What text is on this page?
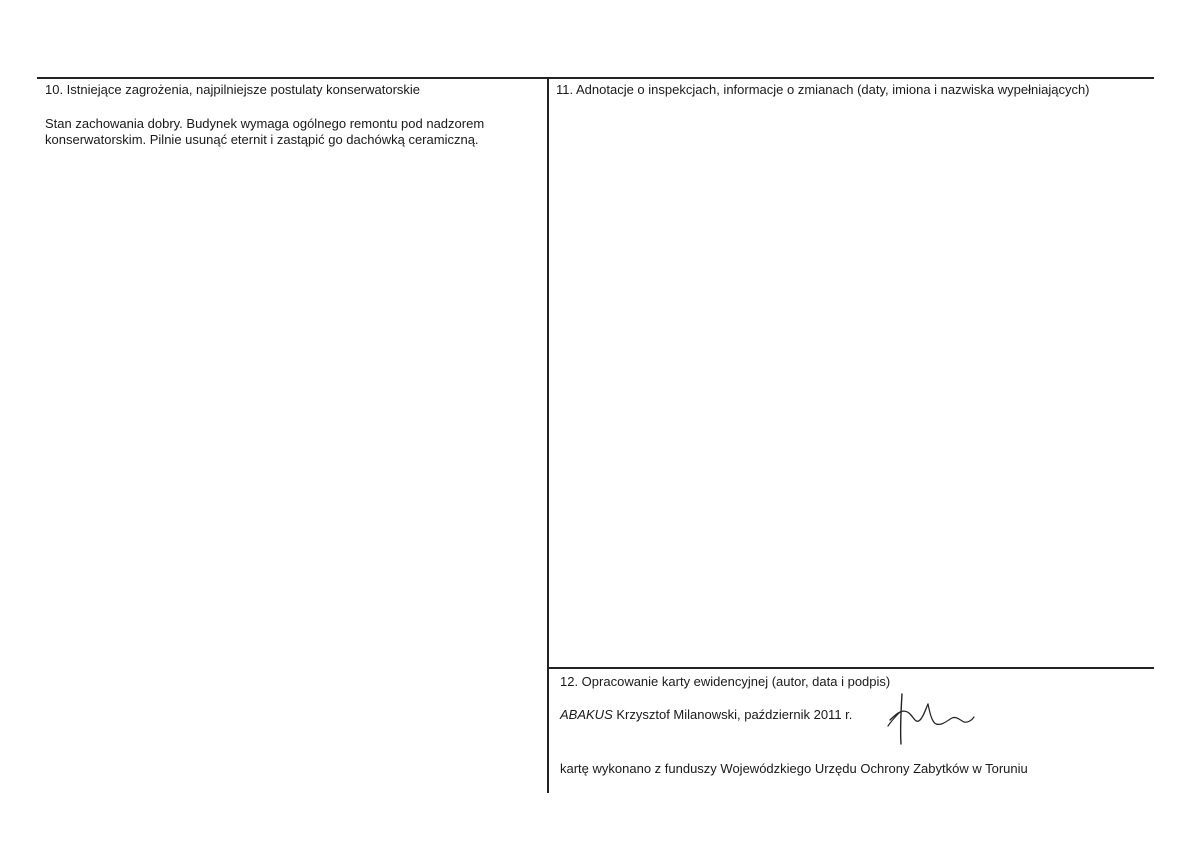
10. Istniejące zagrożenia, najpilniejsze postulaty konserwatorskie
Stan zachowania dobry. Budynek wymaga ogólnego remontu pod nadzorem
konserwatorskim. Pilnie usunąć eternit i zastąpić go dachówką ceramiczną.
11. Adnotacje o inspekcjach, informacje o zmianach (daty, imiona i nazwiska wypełniających)
12. Opracowanie karty ewidencyjnej (autor, data i podpis)
ABAKUS Krzysztof Milanowski, październik 2011 r.
kartę wykonano z funduszy Wojewódzkiego Urzędu Ochrony Zabytków w Toruniu
